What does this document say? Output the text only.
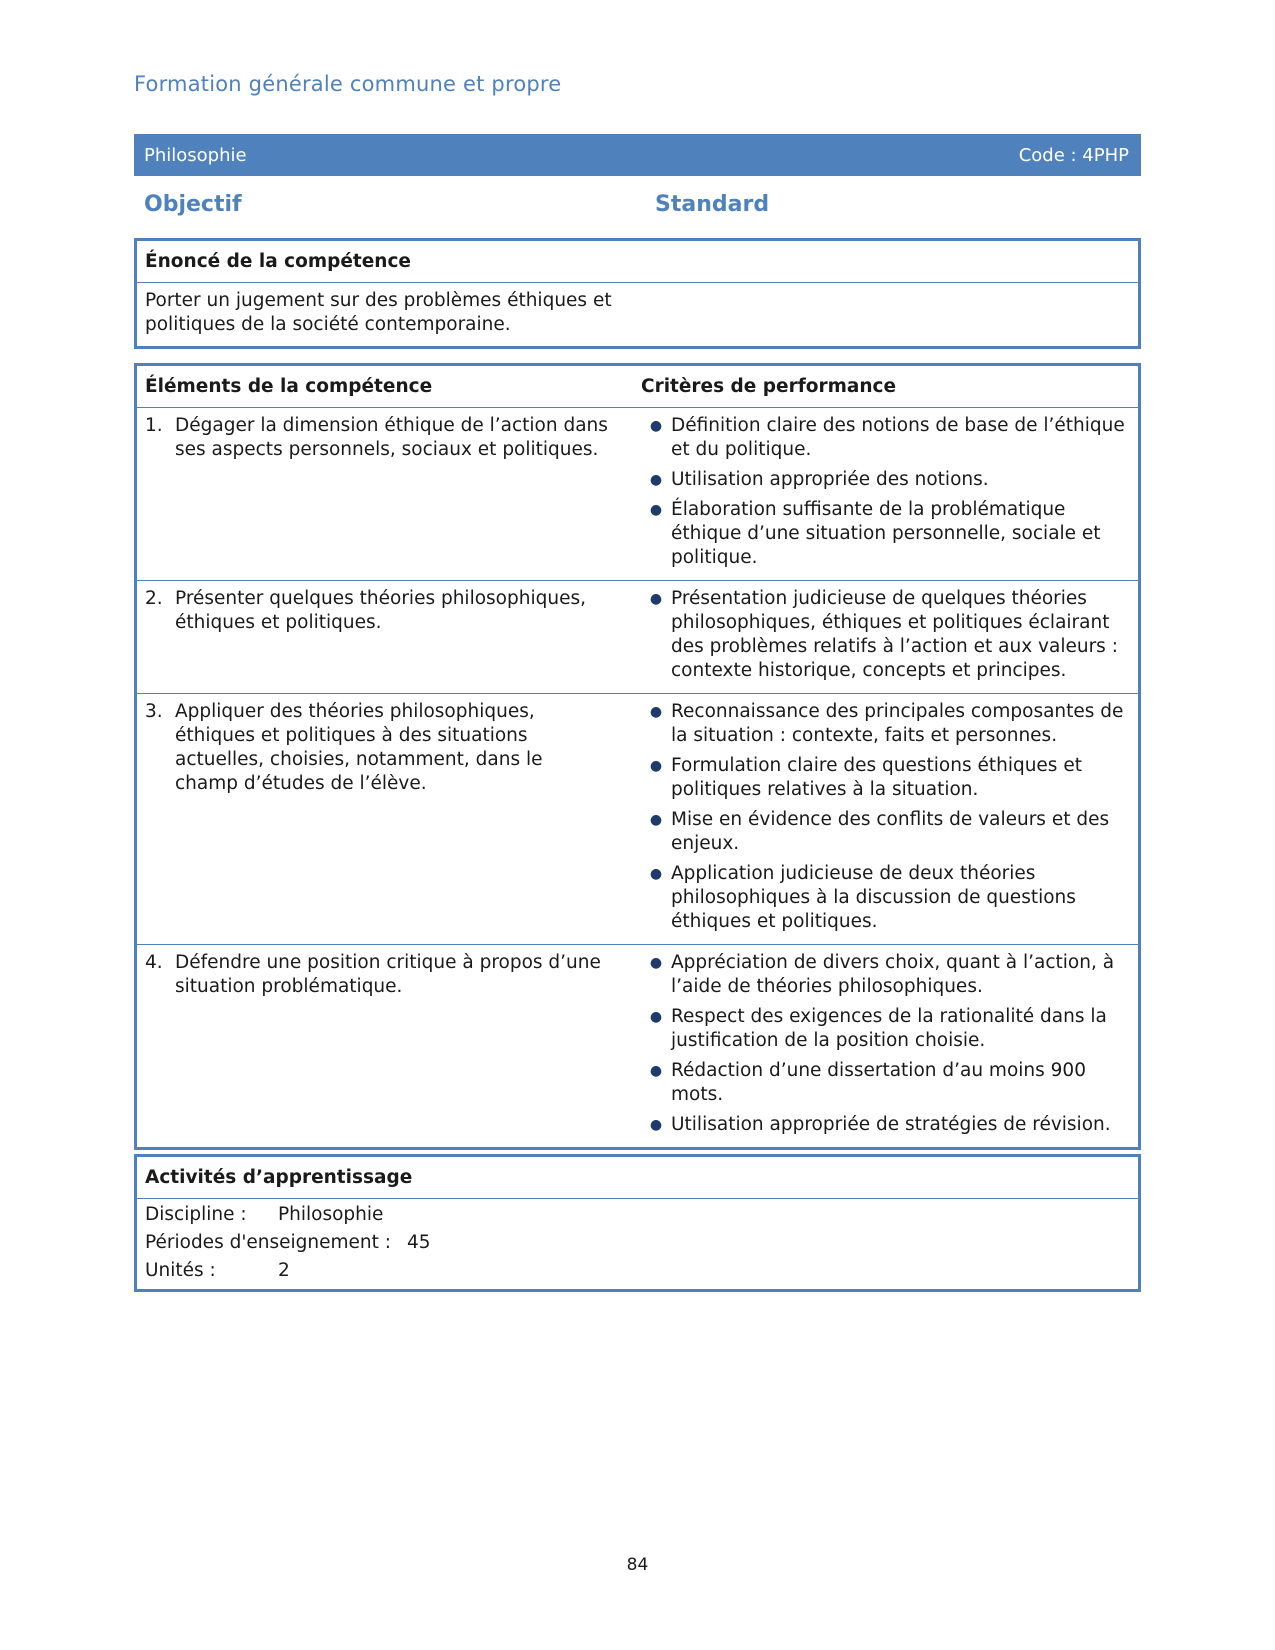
Formation générale commune et propre
Philosophie	Code : 4PHP
Objectif	Standard
Énoncé de la compétence
Porter un jugement sur des problèmes éthiques et
politiques de la société contemporaine.
Éléments de la compétence	Critères de performance
1. Dégager la dimension éthique de l’action dans ses aspects personnels, sociaux et politiques.
● Définition claire des notions de base de l’éthique et du politique.
● Utilisation appropriée des notions.
● Élaboration suffisante de la problématique éthique d’une situation personnelle, sociale et politique.
2. Présenter quelques théories philosophiques, éthiques et politiques.
● Présentation judicieuse de quelques théories philosophiques, éthiques et politiques éclairant des problèmes relatifs à l’action et aux valeurs : contexte historique, concepts et principes.
3. Appliquer des théories philosophiques, éthiques et politiques à des situations actuelles, choisies, notamment, dans le champ d’études de l’élève.
● Reconnaissance des principales composantes de la situation : contexte, faits et personnes.
● Formulation claire des questions éthiques et politiques relatives à la situation.
● Mise en évidence des conflits de valeurs et des enjeux.
● Application judicieuse de deux théories philosophiques à la discussion de questions éthiques et politiques.
4. Défendre une position critique à propos d’une situation problématique.
● Appréciation de divers choix, quant à l’action, à l’aide de théories philosophiques.
● Respect des exigences de la rationalité dans la justification de la position choisie.
● Rédaction d’une dissertation d’au moins 900 mots.
● Utilisation appropriée de stratégies de révision.
Activités d’apprentissage
Discipline :	Philosophie
Périodes d'enseignement : 45
Unités :	2
84
